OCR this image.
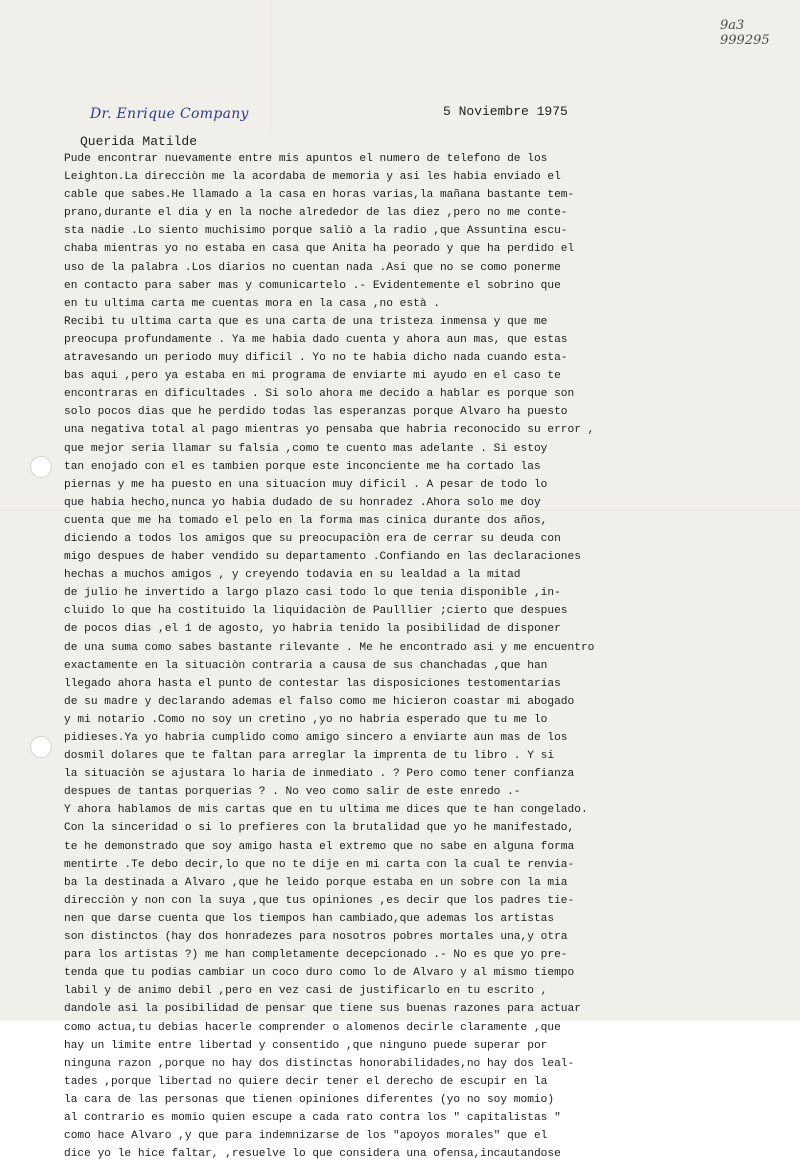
9a3
999295
Dr. Enrique Company	5 Noviembre 1975
Querida Matilde
Pude encontrar nuevamente entre mis apuntos el numero de telefono de los
Leighton.La direcciòn me la acordaba de memoria y asi les habia enviado el
cable que sabes.He llamado a la casa en horas varias,la mañana bastante tem-
prano,durante el dia y en la noche alrededor de las diez ,pero no me conte-
sta nadie .Lo siento muchisimo porque saliò a la radio ,que Assuntina escu-
chaba mientras yo no estaba en casa que Anita ha peorado y que ha perdido el
uso de la palabra .Los diarios no cuentan nada .Asi que no se como ponerme
en contacto para saber mas y comunicartelo .- Evidentemente el sobrino que
en tu ultima carta me cuentas mora en la casa ,no està .
Recibì tu ultima carta que es una carta de una tristeza inmensa y que me
preocupa profundamente . Ya me habia dado cuenta y ahora aun mas, que estas
atravesando un periodo muy dificil . Yo no te habia dicho nada cuando esta-
bas aqui ,pero ya estaba en mi programa de enviarte mi ayudo en el caso te
encontraras en dificultades . Si solo ahora me decido a hablar es porque son
solo pocos dias que he perdido todas las esperanzas porque Alvaro ha puesto
una negativa total al pago mientras yo pensaba que habria reconocido su error ,
que mejor seria llamar su falsia ,como te cuento mas adelante . Si estoy
tan enojado con el es tambien porque este inconciente me ha cortado las
piernas y me ha puesto en una situacion muy dificil . A pesar de todo lo
que habia hecho,nunca yo habia dudado de su honradez .Ahora solo me doy
cuenta que me ha tomado el pelo en la forma mas cinica durante dos años,
diciendo a todos los amigos que su preocupaciòn era de cerrar su deuda con
migo despues de haber vendido su departamento .Confiando en las declaraciones
hechas a muchos amigos , y creyendo todavia en su lealdad a la mitad
de julio he invertido a largo plazo casi todo lo que tenia disponible ,in-
cluido lo que ha costituido la liquidaciòn de Paulllier ;cierto que despues
de pocos dias ,el 1 de agosto, yo habria tenido la posibilidad de disponer
de una suma como sabes bastante rilevante . Me he encontrado asi y me encuentro
exactamente en la situaciòn contraria a causa de sus chanchadas ,que han
llegado ahora hasta el punto de contestar las disposiciones testomentarias
de su madre y declarando ademas el falso como me hicieron coastar mi abogado
y mi notario .Como no soy un cretino ,yo no habria esperado que tu me lo
pidieses.Ya yo habria cumplido como amigo sincero a enviarte aun mas de los
dosmil dolares que te faltan para arreglar la imprenta de tu libro . Y si
la situaciòn se ajustara lo haria de inmediato . ? Pero como tener confianza
despues de tantas porquerias ? . No veo como salir de este enredo .-
Y ahora hablamos de mis cartas que en tu ultima me dices que te han congelado.
Con la sinceridad o si lo prefieres con la brutalidad que yo he manifestado,
te he demonstrado que soy amigo hasta el extremo que no sabe en alguna forma
mentirte .Te debo decir,lo que no te dije en mi carta con la cual te renvia-
ba la destinada a Alvaro ,que he leido porque estaba en un sobre con la mia
direcciòn y non con la suya ,que tus opiniones ,es decir que los padres tie-
nen que darse cuenta que los tiempos han cambiado,que ademas los artistas
son distinctos (hay dos honradezes para nosotros pobres mortales una,y otra
para los artistas ?) me han completamente decepcionado .- No es que yo pre-
tenda que tu podias cambiar un coco duro como lo de Alvaro y al mismo tiempo
labil y de animo debil ,pero en vez casi de justificarlo en tu escrito ,
dandole asi la posibilidad de pensar que tiene sus buenas razones para actuar
como actua,tu debias hacerle comprender o alomenos decirle claramente ,que
hay un limite entre libertad y consentido ,que ninguno puede superar por
ninguna razon ,porque no hay dos distinctas honorabilidades,no hay dos leal-
tades ,porque libertad no quiere decir tener el derecho de escupir en la
la cara de las personas que tienen opiniones diferentes (yo no soy momio)
al contrario es momio quien escupe a cada rato contra los " capitalistas "
como hace Alvaro ,y que para indemnizarse de los "apoyos morales" que el
dice yo le hice faltar, ,resuelve lo que considera una ofensa,incautandose
